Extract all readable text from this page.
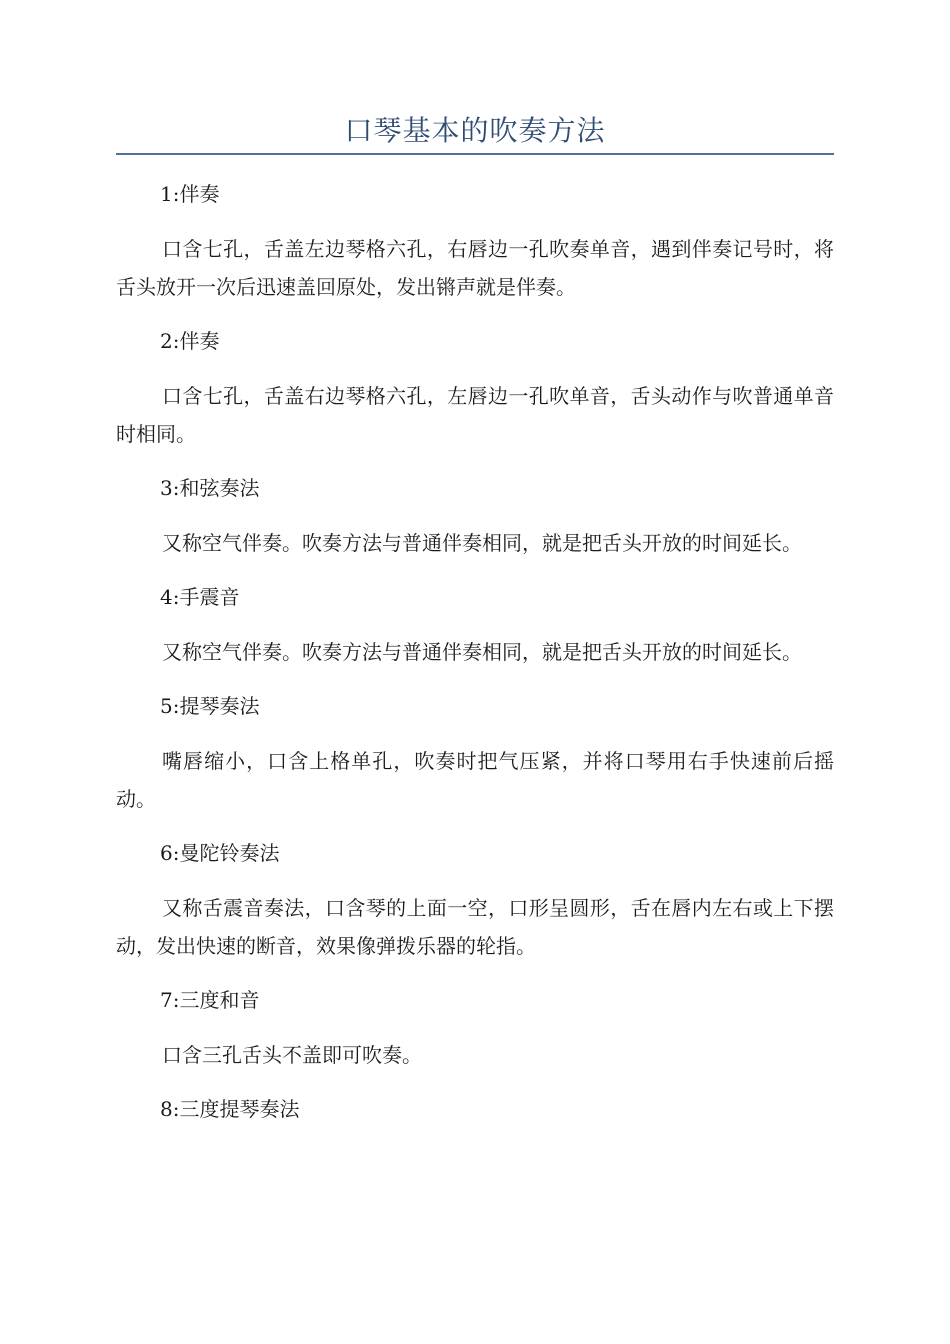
口琴基本的吹奏方法
1:伴奏

口含七孔，舌盖左边琴格六孔，右唇边一孔吹奏单音，遇到伴奏记号时，将舌头放开一次后迅速盖回原处，发出锵声就是伴奏。

2:伴奏

口含七孔，舌盖右边琴格六孔，左唇边一孔吹单音，舌头动作与吹普通单音时相同。

3:和弦奏法

又称空气伴奏。吹奏方法与普通伴奏相同，就是把舌头开放的时间延长。

4:手震音

又称空气伴奏。吹奏方法与普通伴奏相同，就是把舌头开放的时间延长。

5:提琴奏法

嘴唇缩小，口含上格单孔，吹奏时把气压紧，并将口琴用右手快速前后摇动。

6:曼陀铃奏法

又称舌震音奏法，口含琴的上面一空，口形呈圆形，舌在唇内左右或上下摆动，发出快速的断音，效果像弹拨乐器的轮指。

7:三度和音

口含三孔舌头不盖即可吹奏。

8:三度提琴奏法
